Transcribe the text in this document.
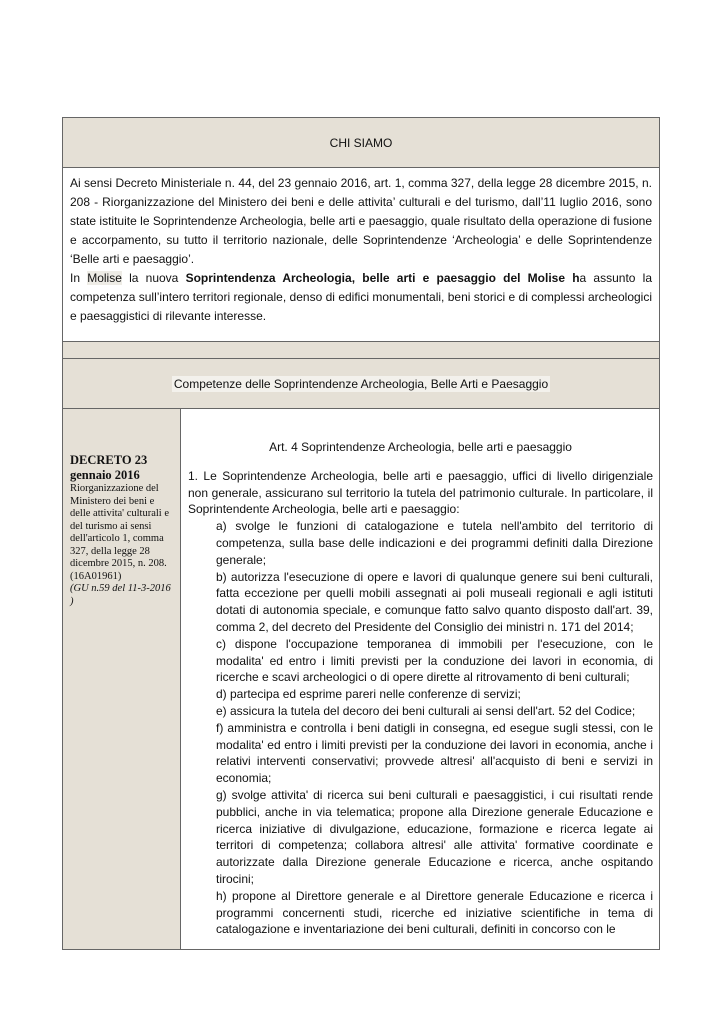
CHI SIAMO

Ai sensi Decreto Ministeriale n. 44, del 23 gennaio 2016, art. 1, comma 327, della legge 28 dicembre 2015, n. 208 - Riorganizzazione del Ministero dei beni e delle attivita’ culturali e del turismo, dall’11 luglio 2016, sono state istituite le Soprintendenze Archeologia, belle arti e paesaggio, quale risultato della operazione di fusione e accorpamento, su tutto il territorio nazionale, delle Soprintendenze ‘Archeologia’ e delle Soprintendenze ‘Belle arti e paesaggio’.

In Molise la nuova Soprintendenza Archeologia, belle arti e paesaggio del Molise ha assunto la competenza sull’intero territori regionale, denso di edifici monumentali, beni storici e di complessi archeologici e paesaggistici di rilevante interesse.

Competenze delle Soprintendenze Archeologia, Belle Arti e Paesaggio
DECRETO 23 gennaio 2016
Riorganizzazione del Ministero dei beni e delle attivita' culturali e del turismo ai sensi dell'articolo 1, comma 327, della legge 28 dicembre 2015, n. 208. (16A01961)
(GU n.59 del 11-3-2016 )
Art. 4 Soprintendenze Archeologia, belle arti e paesaggio

1. Le Soprintendenze Archeologia, belle arti e paesaggio, uffici di livello dirigenziale non generale, assicurano sul territorio la tutela del patrimonio culturale. In particolare, il Soprintendente Archeologia, belle arti e paesaggio:

a) svolge le funzioni di catalogazione e tutela nell'ambito del territorio di competenza, sulla base delle indicazioni e dei programmi definiti dalla Direzione generale;

b) autorizza l'esecuzione di opere e lavori di qualunque genere sui beni culturali, fatta eccezione per quelli mobili assegnati ai poli museali regionali e agli istituti dotati di autonomia speciale, e comunque fatto salvo quanto disposto dall'art. 39, comma 2, del decreto del Presidente del Consiglio dei ministri n. 171 del 2014;

c) dispone l'occupazione temporanea di immobili per l'esecuzione, con le modalita' ed entro i limiti previsti per la conduzione dei lavori in economia, di ricerche e scavi archeologici o di opere dirette al ritrovamento di beni culturali;

d) partecipa ed esprime pareri nelle conferenze di servizi;

e) assicura la tutela del decoro dei beni culturali ai sensi dell'art. 52 del Codice;

f) amministra e controlla i beni datigli in consegna, ed esegue sugli stessi, con le modalita' ed entro i limiti previsti per la conduzione dei lavori in economia, anche i relativi interventi conservativi; provvede altresi' all'acquisto di beni e servizi in economia;

g) svolge attivita' di ricerca sui beni culturali e paesaggistici, i cui risultati rende pubblici, anche in via telematica; propone alla Direzione generale Educazione e ricerca iniziative di divulgazione, educazione, formazione e ricerca legate ai territori di competenza; collabora altresi' alle attivita' formative coordinate e autorizzate dalla Direzione generale Educazione e ricerca, anche ospitando tirocini;

h) propone al Direttore generale e al Direttore generale Educazione e ricerca i programmi concernenti studi, ricerche ed iniziative scientifiche in tema di catalogazione e inventariazione dei beni culturali, definiti in concorso con le
